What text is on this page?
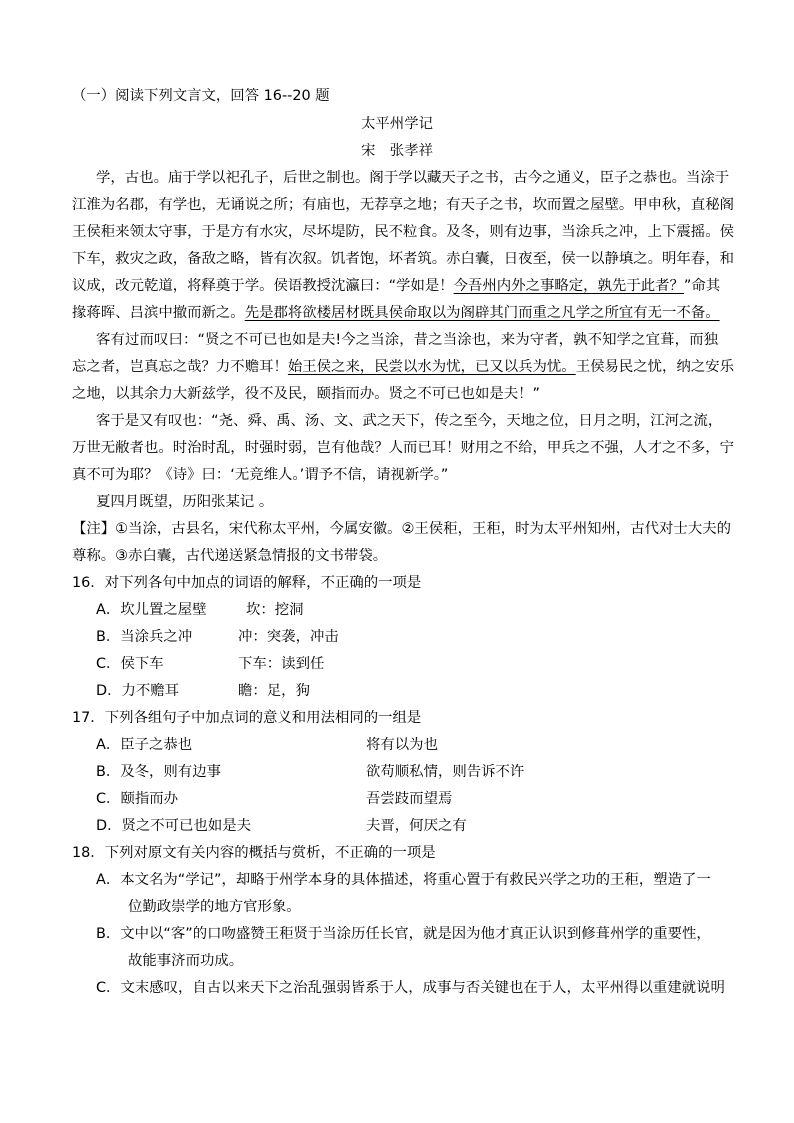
（一）阅读下列文言文，回答 16--20 题
太平州学记
宋　张孝祥
学，古也。庙于学以祀孔子，后世之制也。阁于学以藏天子之书，古今之通义，臣子之恭也。当涂于
江淮为名郡，有学也，无诵说之所；有庙也，无荐享之地；有天子之书，坎而置之屋壁。甲申秋，直秘阁
王侯秬来领太守事，于是方有水灾，尽坏堤防，民不粒食。及冬，则有边事，当涂兵之冲，上下震摇。侯
下车，救灾之政，备敌之略，皆有次叙。饥者饱，坏者筑。赤白囊，日夜至，侯一以静填之。明年春，和
议成，改元乾道，将释奠于学。侯语教授沈瀛曰：“学如是！今吾州内外之事略定，孰先于此者？”命其
掾蒋晖、吕滨中撤而新之。先是郡将欲楼居材既具侯命取以为阁辟其门而重之凡学之所宜有无一不备。
客有过而叹曰：“贤之不可已也如是夫!今之当涂，昔之当涂也，来为守者，孰不知学之宜葺，而独
忘之者，岂真忘之哉？力不赡耳！始王侯之来，民尝以水为忧，已又以兵为忧。王侯易民之忧，纳之安乐
之地，以其余力大新兹学，役不及民，颐指而办。贤之不可已也如是夫！”
客于是又有叹也：“尧、舜、禹、汤、文、武之天下，传之至今，天地之位，日月之明，江河之流，
万世无敝者也。时治时乱，时强时弱，岂有他哉？人而已耳！财用之不给，甲兵之不强，人才之不多，宁
真不可为耶？《诗》曰：‘无竞维人。’谓予不信，请视新学。”
夏四月既望，历阳张某记 。
【注】①当涂，古县名，宋代称太平州，今属安徽。②王侯秬，王秬，时为太平州知州，古代对士大夫的
尊称。③赤白囊，古代递送紧急情报的文书带袋。
16．对下列各句中加点的词语的解释，不正确的一项是
A．坎儿置之屋壁	坎：挖洞
B．当涂兵之冲	冲：突袭，冲击
C．侯下车	下车：读到任
D．力不赡耳	瞻：足，狗
17．下列各组句子中加点词的意义和用法相同的一组是
A．臣子之恭也	将有以为也
B．及冬，则有边事	欲苟顺私情，则告诉不许
C．颐指而办	吾尝跂而望焉
D．贤之不可已也如是夫	夫晋，何厌之有
18．下列对原文有关内容的概括与赏析，不正确的一项是
A．本文名为“学记”，却略于州学本身的具体描述，将重心置于有救民兴学之功的王秬，塑造了一
位勤政崇学的地方官形象。
B．文中以“客”的口吻盛赞王秬贤于当涂历任长官，就是因为他才真正认识到修葺州学的重要性，
故能事济而功成。
C．文末感叹，自古以来天下之治乱强弱皆系于人，成事与否关键也在于人，太平州得以重建就说明
